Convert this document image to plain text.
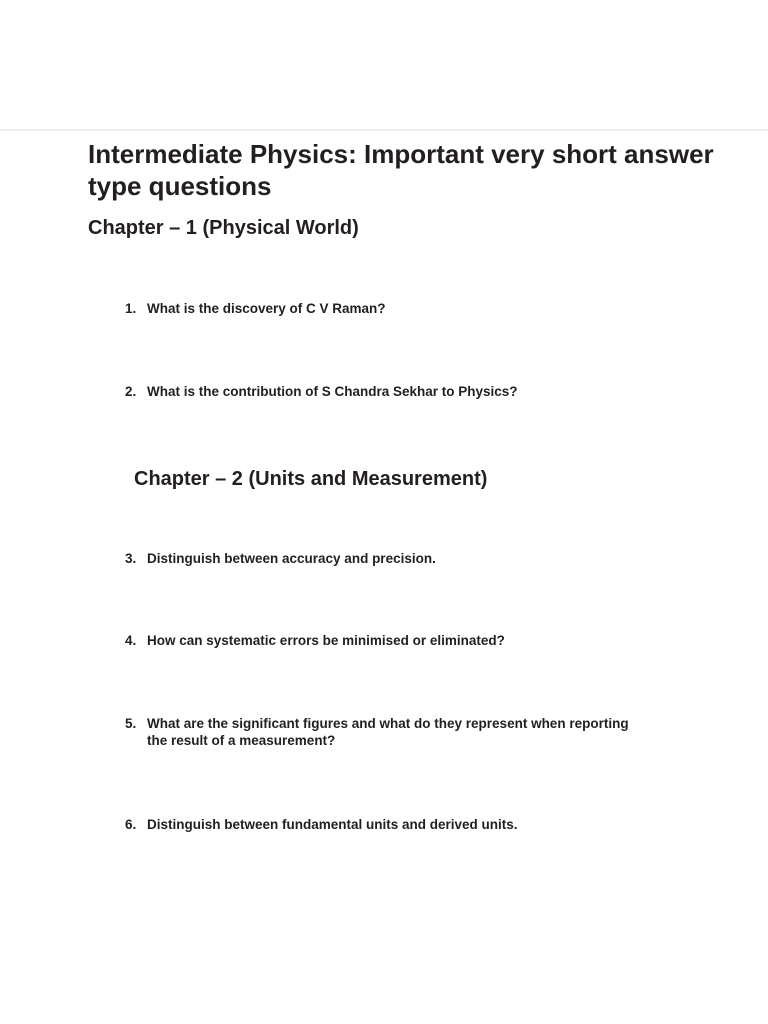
Intermediate Physics: Important very short answer type questions
Chapter – 1 (Physical World)
1. What is the discovery of C V Raman?
2. What is the contribution of S Chandra Sekhar to Physics?
Chapter – 2 (Units and Measurement)
3. Distinguish between accuracy and precision.
4. How can systematic errors be minimised or eliminated?
5. What are the significant figures and what do they represent when reporting the result of a measurement?
6. Distinguish between fundamental units and derived units.
